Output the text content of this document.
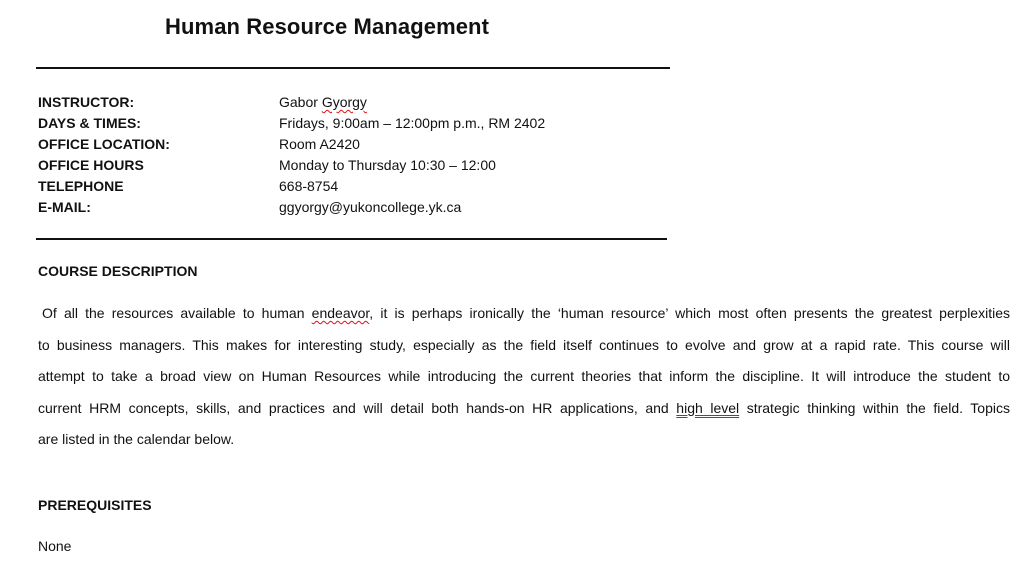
Human Resource Management
INSTRUCTOR:	Gabor Gyorgy
DAYS & TIMES:	Fridays, 9:00am – 12:00pm p.m., RM 2402
OFFICE LOCATION:	Room A2420
OFFICE HOURS	Monday to Thursday 10:30 – 12:00
TELEPHONE	668-8754
E-MAIL:	ggyorgy@yukoncollege.yk.ca
COURSE DESCRIPTION
Of all the resources available to human endeavor, it is perhaps ironically the ‘human resource’ which most often presents the greatest perplexities
to business managers. This makes for interesting study, especially as the field itself continues to evolve and grow at a rapid rate. This course will
attempt to take a broad view on Human Resources while introducing the current theories that inform the discipline. It will introduce the student to
current HRM concepts, skills, and practices and will detail both hands-on HR applications, and high level strategic thinking within the field. Topics
are listed in the calendar below.
PREREQUISITES
None
